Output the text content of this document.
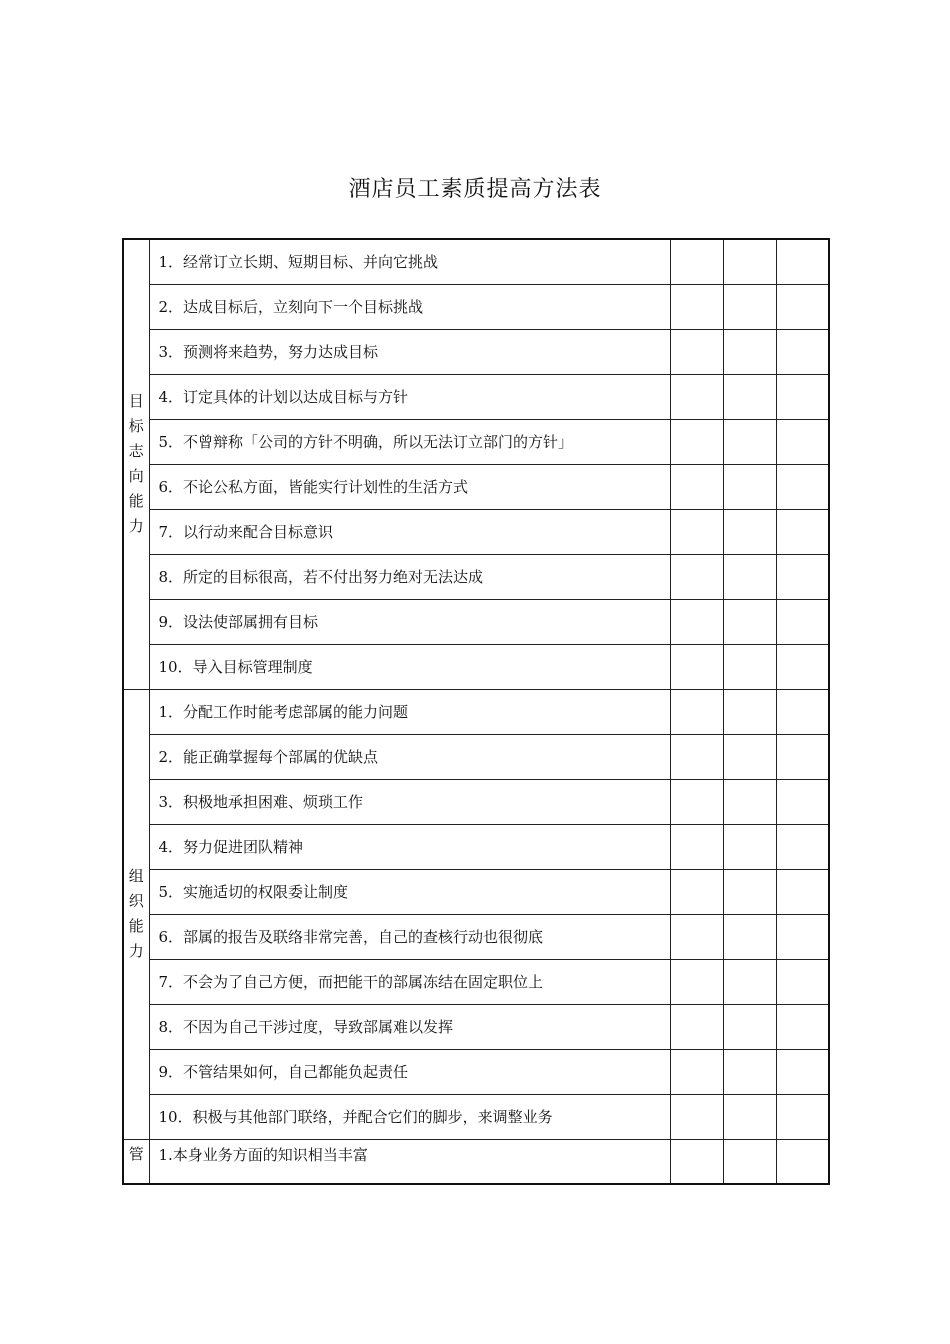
酒店员工素质提高方法表
目标志向能力	1．经常订立长期、短期目标、并向它挑战			
	2．达成目标后，立刻向下一个目标挑战			
	3．预测将来趋势，努力达成目标			
	4．订定具体的计划以达成目标与方针			
	5．不曾辩称「公司的方针不明确，所以无法订立部门的方针」			
	6．不论公私方面，皆能实行计划性的生活方式			
	7．以行动来配合目标意识			
	8．所定的目标很高，若不付出努力绝对无法达成			
	9．设法使部属拥有目标			
	10．导入目标管理制度			
组织能力	1．分配工作时能考虑部属的能力问题			
	2．能正确掌握每个部属的优缺点			
	3．积极地承担困难、烦琐工作			
	4．努力促进团队精神			
	5．实施适切的权限委让制度			
	6．部属的报告及联络非常完善，自己的查核行动也很彻底			
	7．不会为了自己方便，而把能干的部属冻结在固定职位上			
	8．不因为自己干涉过度，导致部属难以发挥			
	9．不管结果如何，自己都能负起责任			
	10．积极与其他部门联络，并配合它们的脚步，来调整业务			
管	1.本身业务方面的知识相当丰富			
